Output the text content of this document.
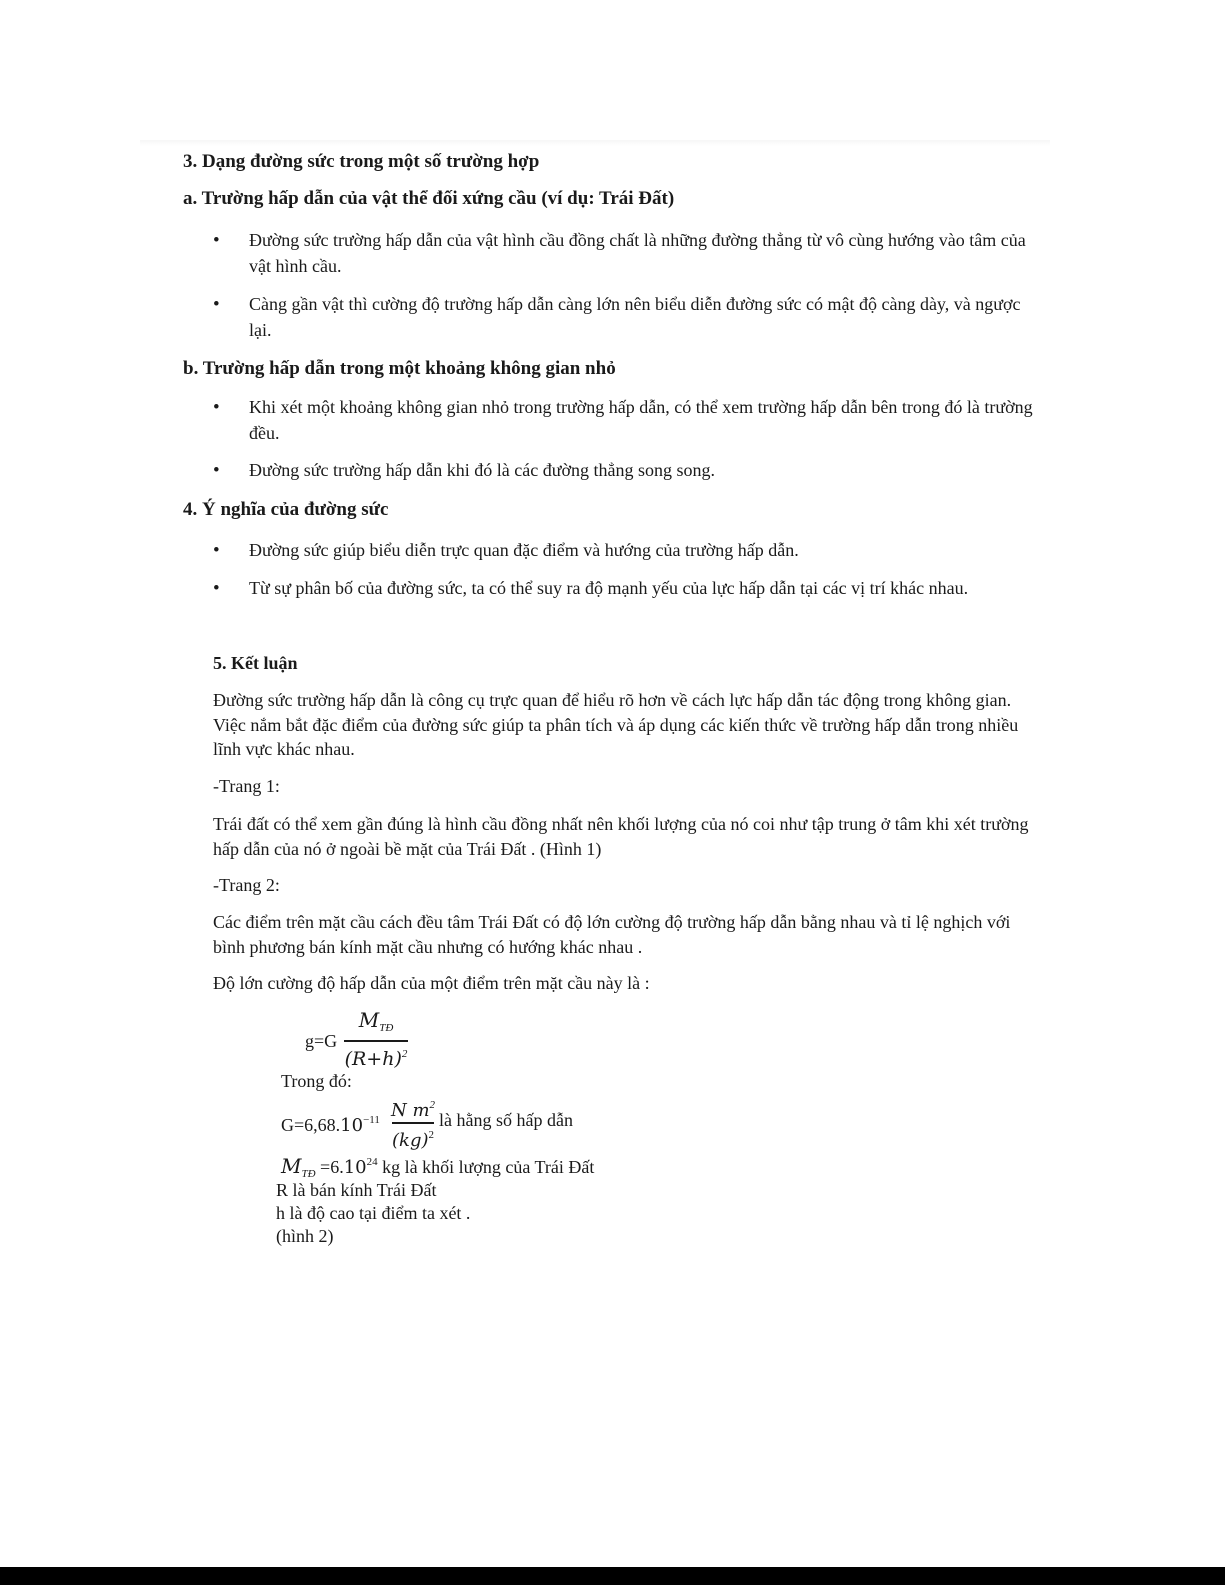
3. Dạng đường sức trong một số trường hợp
a. Trường hấp dẫn của vật thể đối xứng cầu (ví dụ: Trái Đất)
• Đường sức trường hấp dẫn của vật hình cầu đồng chất là những đường thẳng từ vô cùng hướng vào tâm của vật hình cầu.

• Càng gần vật thì cường độ trường hấp dẫn càng lớn nên biểu diễn đường sức có mật độ càng dày, và ngược lại.

b. Trường hấp dẫn trong một khoảng không gian nhỏ
• Khi xét một khoảng không gian nhỏ trong trường hấp dẫn, có thể xem trường hấp dẫn bên trong đó là trường đều.

• Đường sức trường hấp dẫn khi đó là các đường thẳng song song.

4. Ý nghĩa của đường sức
• Đường sức giúp biểu diễn trực quan đặc điểm và hướng của trường hấp dẫn.

• Từ sự phân bố của đường sức, ta có thể suy ra độ mạnh yếu của lực hấp dẫn tại các vị trí khác nhau.

5. Kết luận

Đường sức trường hấp dẫn là công cụ trực quan để hiểu rõ hơn về cách lực hấp dẫn tác động trong không gian. Việc nắm bắt đặc điểm của đường sức giúp ta phân tích và áp dụng các kiến thức về trường hấp dẫn trong nhiều lĩnh vực khác nhau.

-Trang 1:

Trái đất có thể xem gần đúng là hình cầu đồng nhất nên khối lượng của nó coi như tập trung ở tâm khi xét trường hấp dẫn của nó ở ngoài bề mặt của Trái Đất . (Hình 1)

-Trang 2:

Các điểm trên mặt cầu cách đều tâm Trái Đất có độ lớn cường độ trường hấp dẫn bằng nhau và tỉ lệ nghịch với bình phương bán kính mặt cầu nhưng có hướng khác nhau .

Độ lớn cường độ hấp dẫn của một điểm trên mặt cầu này là :

g=G
$M_{TĐ}$
$(R+h)^2$
Trong đó:
$G=6,68.10^{-11}$ N $m^2$
(kg)$^2$
là hằng số hấp dẫn
$M_{TĐ} =6.10^{24}$ kg là khối lượng của Trái Đất
R là bán kính Trái Đất
h là độ cao tại điểm ta xét .
(hình 2)
